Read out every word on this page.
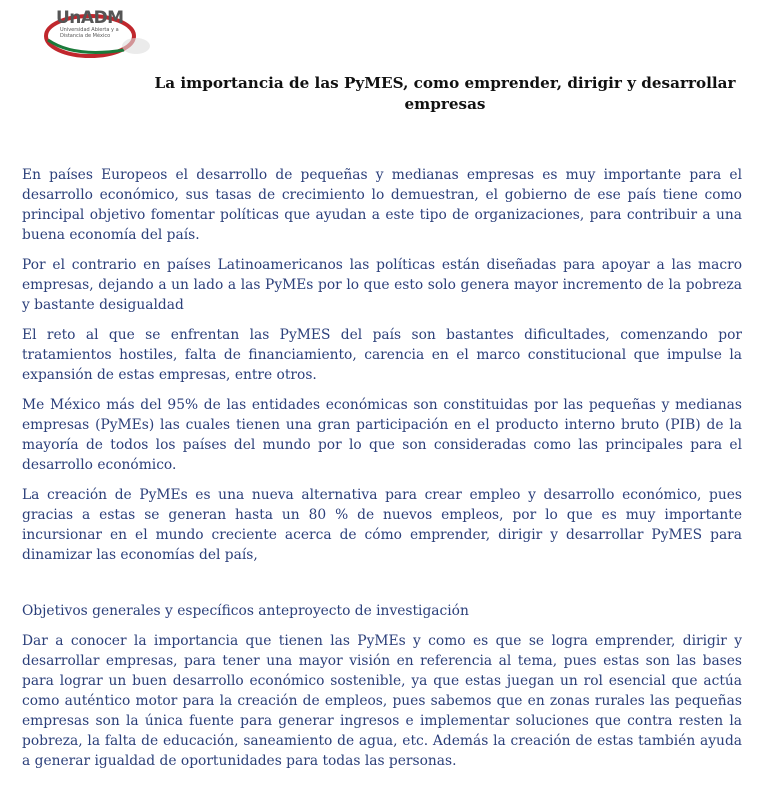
UnADM
Universidad Abierta y a Distancia de México
La importancia de las PyMES, como emprender, dirigir y desarrollar empresas

En países Europeos el desarrollo de pequeñas y medianas empresas es muy importante para el desarrollo económico, sus tasas de crecimiento lo demuestran, el gobierno de ese país tiene como principal objetivo fomentar políticas que ayudan a este tipo de organizaciones, para contribuir a una buena economía del país.

Por el contrario en países Latinoamericanos las políticas están diseñadas para apoyar a las macro empresas, dejando a un lado a las PyMEs por lo que esto solo genera mayor incremento de la pobreza y bastante desigualdad

El reto al que se enfrentan las PyMES del país son bastantes dificultades, comenzando por tratamientos hostiles, falta de financiamiento, carencia en el marco constitucional que impulse la expansión de estas empresas, entre otros.

Me México más del 95% de las entidades económicas son constituidas por las pequeñas y medianas empresas (PyMEs) las cuales tienen una gran participación en el producto interno bruto (PIB) de la mayoría de todos los países del mundo por lo que son consideradas como las principales para el desarrollo económico.

La creación de PyMEs es una nueva alternativa para crear empleo y desarrollo económico, pues gracias a estas se generan hasta un 80 % de nuevos empleos, por lo que es muy importante incursionar en el mundo creciente acerca de cómo emprender, dirigir y desarrollar PyMES para dinamizar las economías del país,

Objetivos generales y específicos anteproyecto de investigación

Dar a conocer la importancia que tienen las PyMEs y como es que se logra emprender, dirigir y desarrollar empresas, para tener una mayor visión en referencia al tema, pues estas son las bases para lograr un buen desarrollo económico sostenible, ya que estas juegan un rol esencial que actúa como auténtico motor para la creación de empleos, pues sabemos que en zonas rurales las pequeñas empresas son la única fuente para generar ingresos e implementar soluciones que contra resten la pobreza, la falta de educación, saneamiento de agua, etc. Además la creación de estas también ayuda a generar igualdad de oportunidades para todas las personas.
